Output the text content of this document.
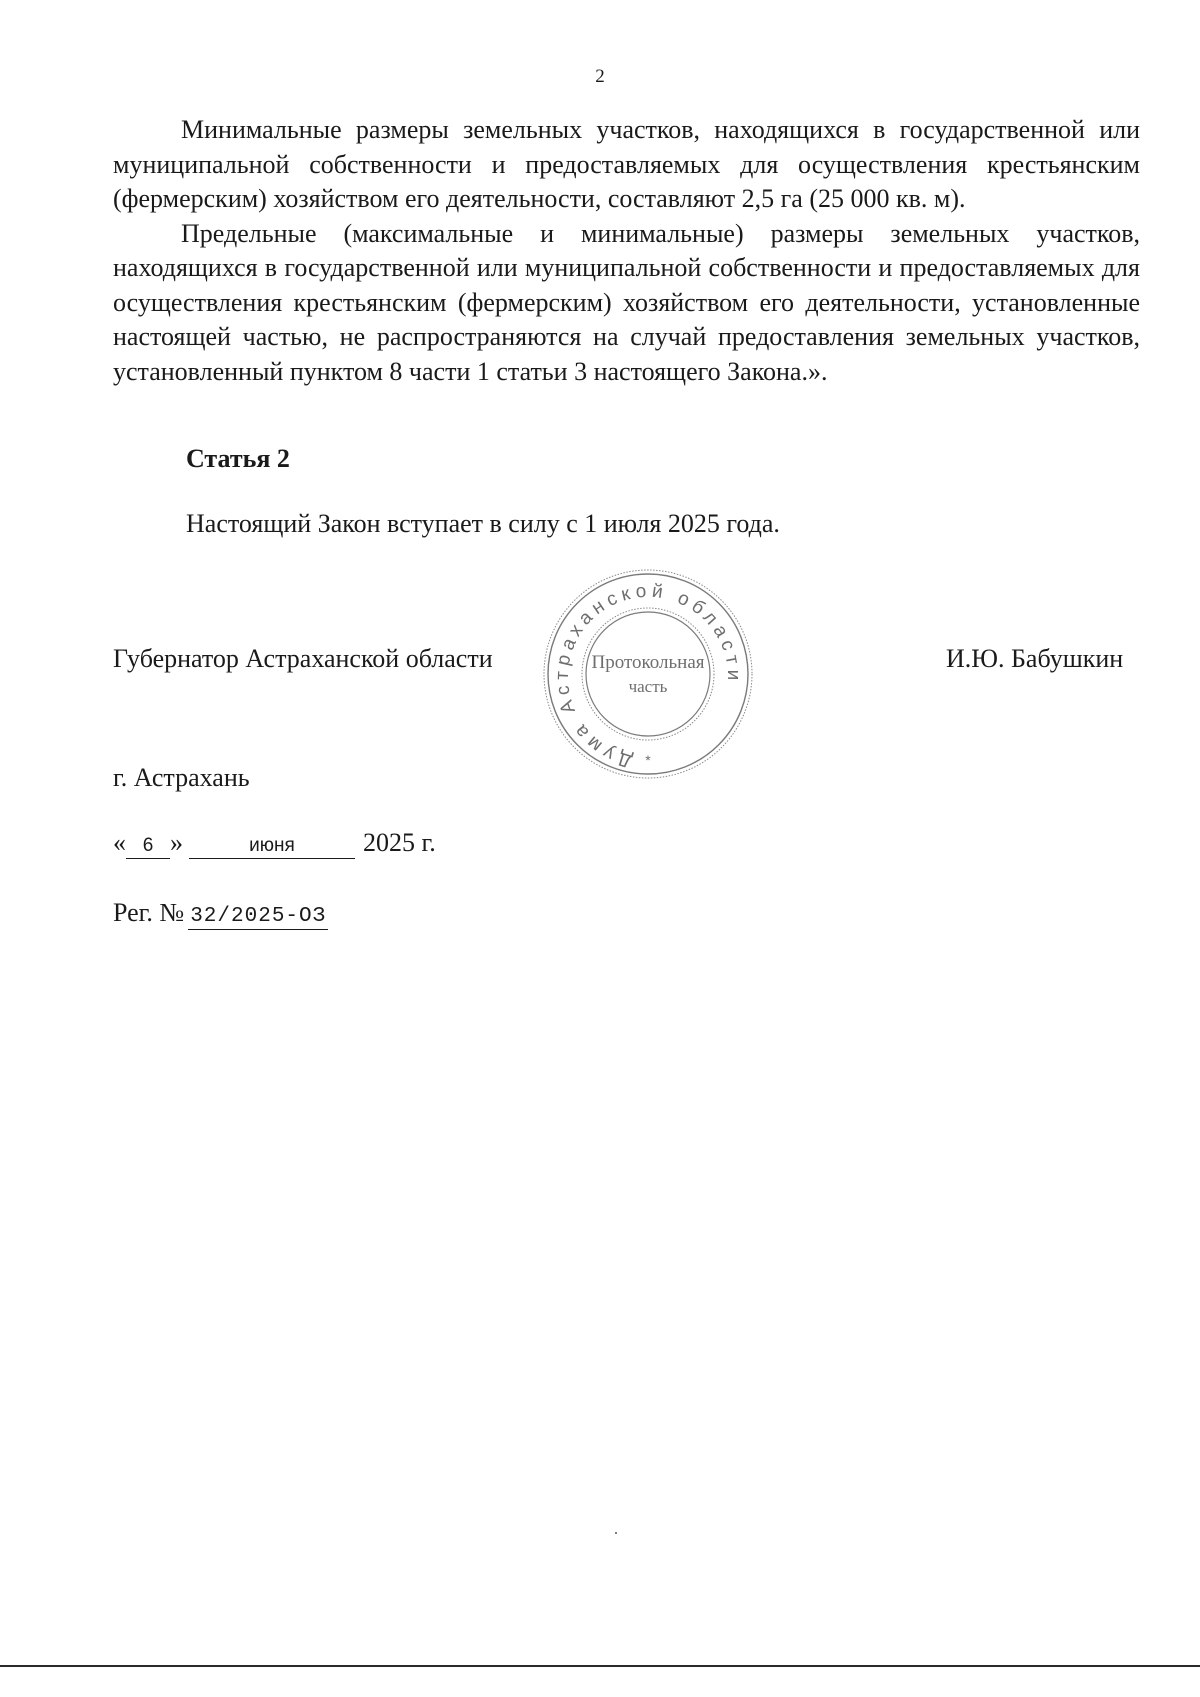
2

Минимальные размеры земельных участков, находящихся в государственной или муниципальной собственности и предоставляемых для осуществления крестьянским (фермерским) хозяйством его деятельности, составляют 2,5 га (25 000 кв. м).

Предельные (максимальные и минимальные) размеры земельных участков, находящихся в государственной или муниципальной собственности и предоставляемых для осуществления крестьянским (фермерским) хозяйством его деятельности, установленные настоящей частью, не распространяются на случай предоставления земельных участков, установленный пунктом 8 части 1 статьи 3 настоящего Закона.».

Статья 2
Настоящий Закон вступает в силу с 1 июля 2025 года.
Губернатор Астраханской области
Дума Астраханской области
Протокольная
часть
*
И.Ю. Бабушкин
г. Астрахань
« 6 »	июня	2025 г.
Рег. № 32/2025-ОЗ
